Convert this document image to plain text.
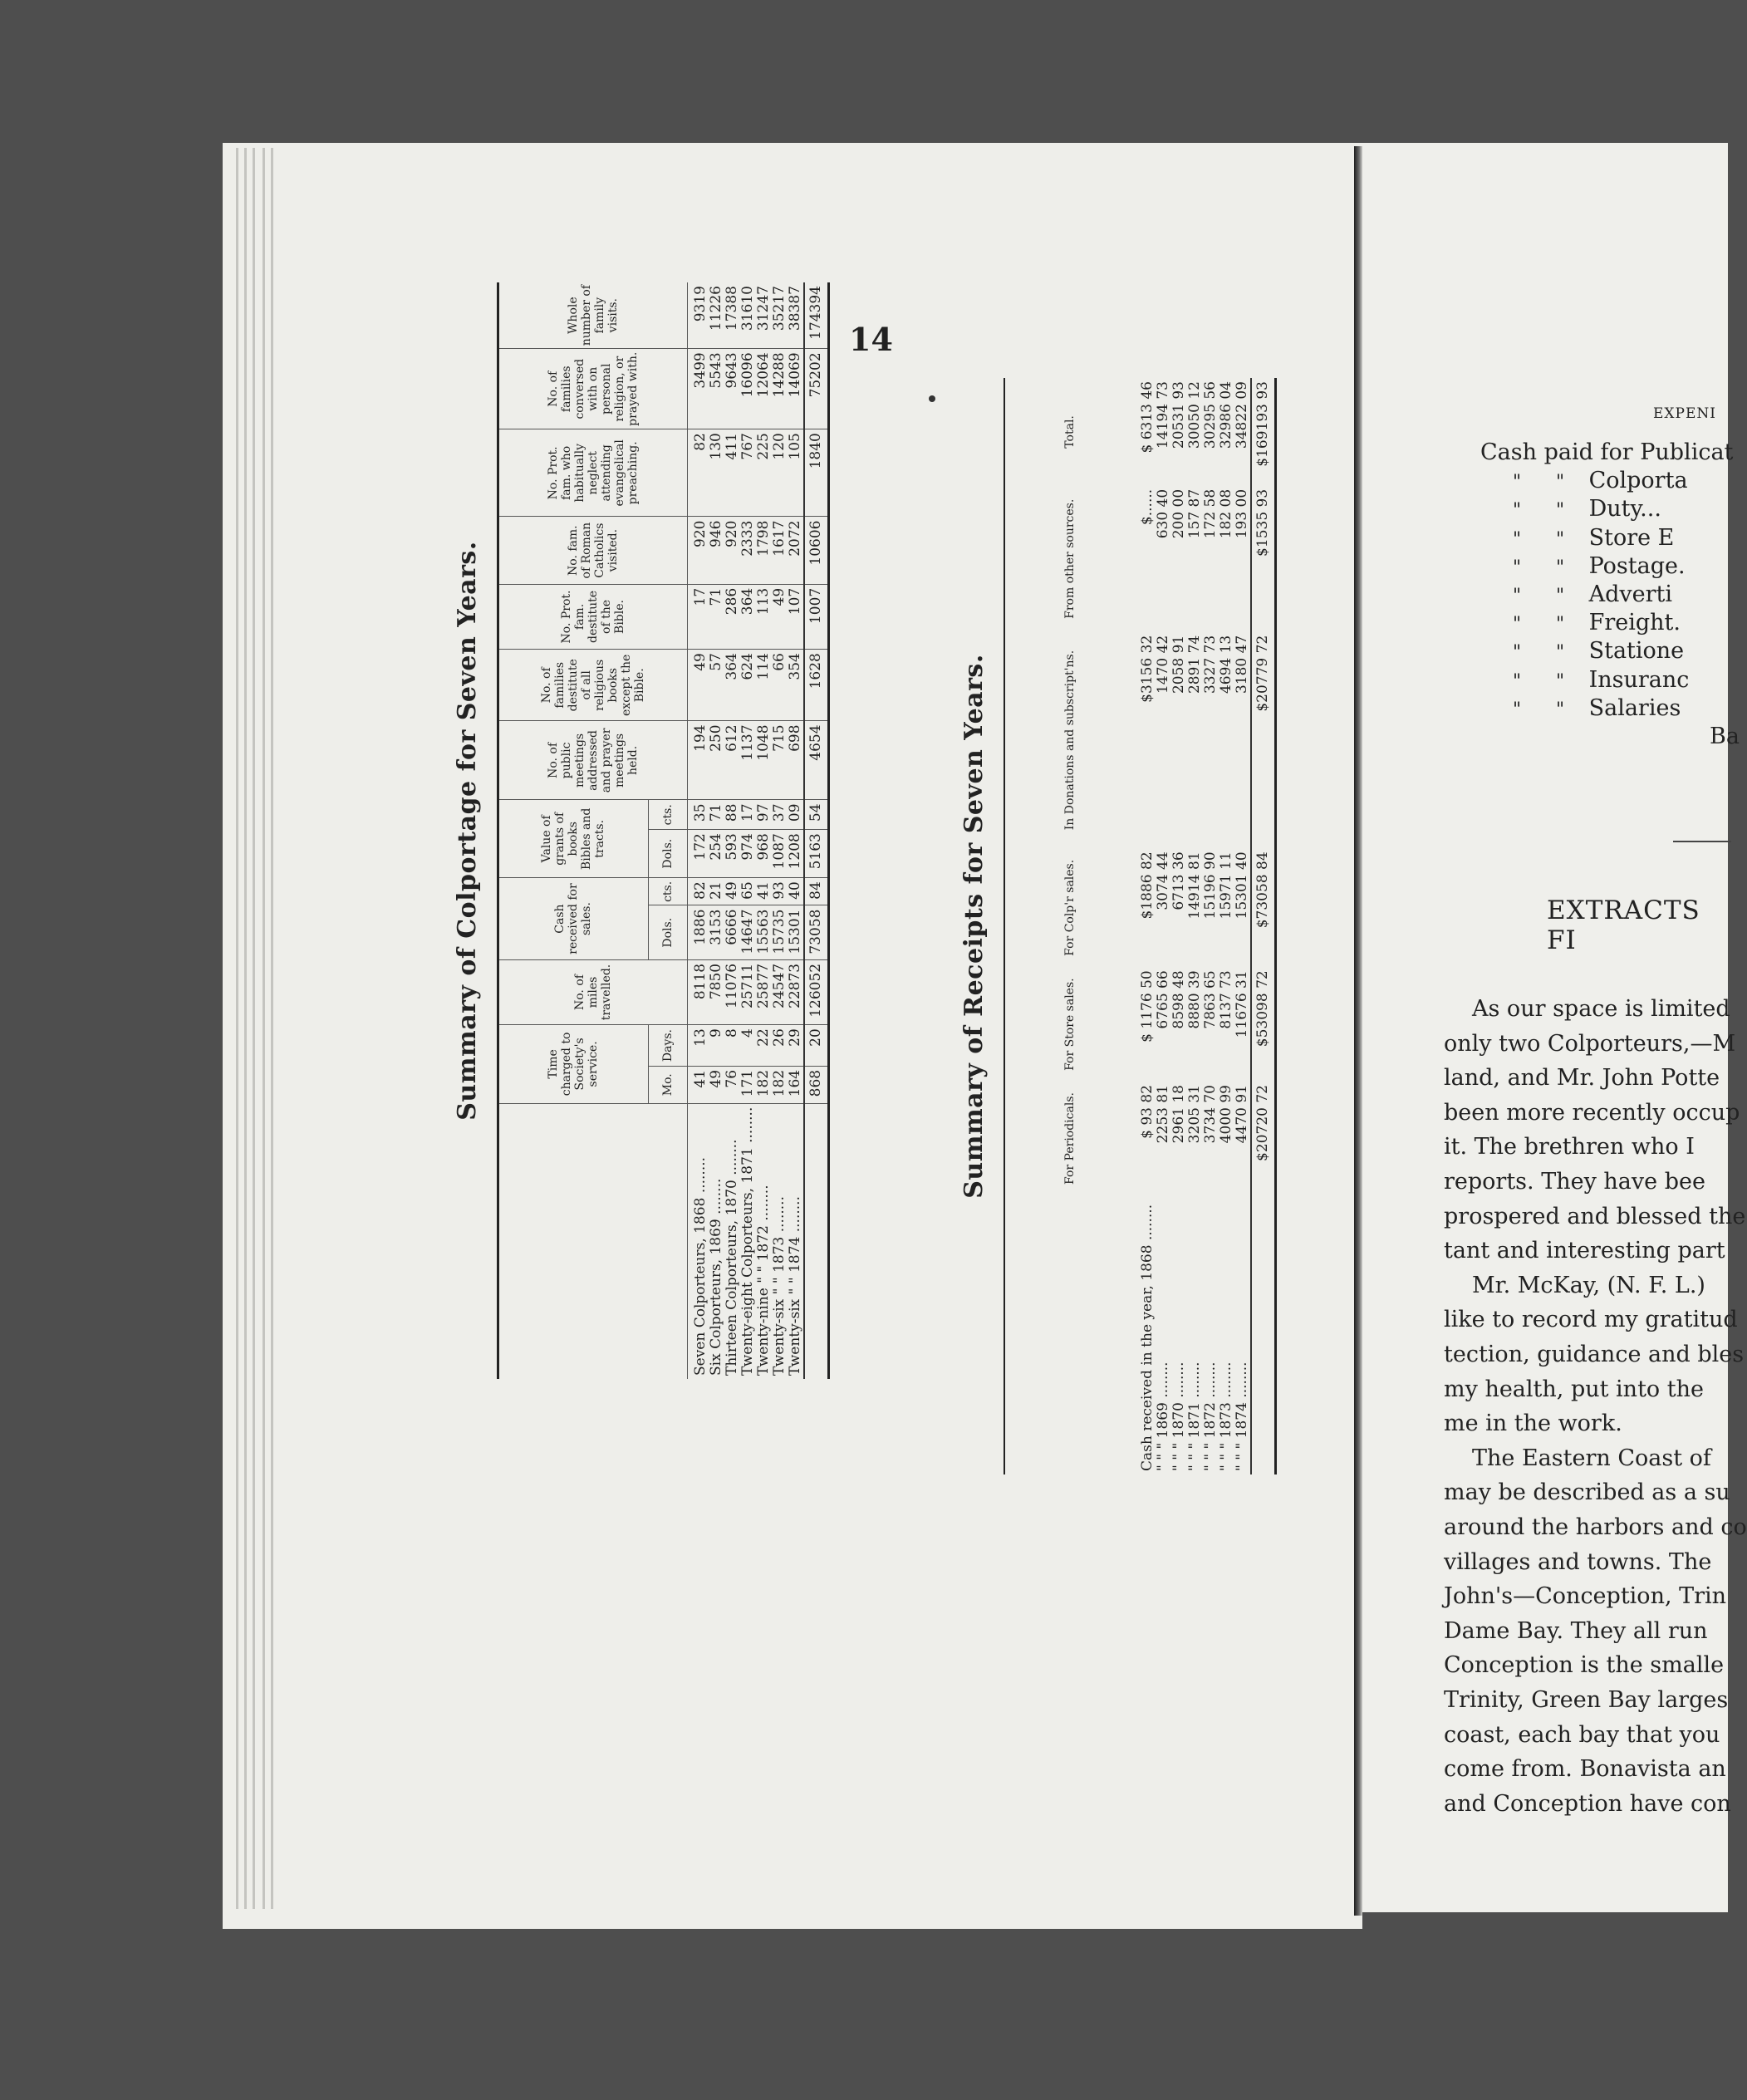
14
Summary of Colportage for Seven Years.
		Time charged to Society's service.		No. of miles travelled.	Cash received for sales.		Value of grants of books Bibles and tracts.		No. of public meetings addressed and prayer meetings held.	No. of families destitute of all religious books except the Bible.	No. Prot. fam. destitute of the Bible.	No. fam. of Roman Catholics visited.	No. Prot. fam. who habitually neglect attending evangelical preaching.	No. of families conversed with on personal religion, or prayed with.	Whole number of family visits.
	Mo.	Days.		Dols.	cts.	Dols.	cts.							
Seven Colporteurs, 1868 ........	41	13	8118	1886	82	172	35	194	49	17	920	82	3499	9319
Six Colporteurs, 1869 ........	49	9	7850	3153	21	254	71	250	57	71	946	130	5543	11226
Thirteen Colporteurs, 1870 ........	76	8	11076	6666	49	593	88	612	364	286	920	411	9643	17388
Twenty-eight Colporteurs, 1871 ........	171	4	25711	14647	65	974	17	1137	624	364	2333	767	16096	31610
Twenty-nine " " 1872 ........	182	22	25877	15563	41	968	97	1048	114	113	1798	225	12064	31247
Twenty-six " " 1873 ........	182	26	24547	15735	93	1087	37	715	66	49	1617	120	14288	35217
Twenty-six " " 1874 ........	164	29	22873	15301	40	1208	09	698	354	107	2072	105	14069	38387
	868	20	126052	73058	84	5163	54	4654	1628	1007	10606	1840	75202	174394
Summary of Receipts for Seven Years.
		For Periodicals.	For Store sales.	For Colp'r sales.	In Donations and subscript'ns.	From other sources.	Total.
Cash received in the year, 1868 ........	$ 93 82	$ 1176 50	$1886 82	$3156 32	$......	$ 6313 46
" " " 1869 ........	2253 81	6765 66	3074 44	1470 42	630 40	14194 73
" " " 1870 ........	2961 18	8598 48	6713 36	2058 91	200 00	20531 93
" " " 1871 ........	3205 31	8880 39	14914 81	2891 74	157 87	30050 12
" " " 1872 ........	3734 70	7863 65	15196 90	3327 73	172 58	30295 56
" " " 1873 ........	4000 99	8137 73	15971 11	4694 13	182 08	32986 04
" " " 1874 ........	4470 91	11676 31	15301 40	3180 47	193 00	34822 09
	$20720 72	$53098 72	$73058 84	$20779 72	$1535 93	$169193 93	EXPENI
Cash paid for Publicat
" " Colporta
" " Duty...
" " Store E
" " Postage.
" " Adverti
" " Freight.
" " Statione
" " Insuranc
" " Salaries
Ba
EXTRACTS FI
As our space is limited
only two Colporteurs,—M
land, and Mr. John Potte
been more recently occup
it. The brethren who I
reports. They have bee
prospered and blessed the
tant and interesting part
Mr. McKay, (N. F. L.)
like to record my gratitud
tection, guidance and bles
my health, put into the
me in the work.
The Eastern Coast of
may be described as a su
around the harbors and co
villages and towns. The
John's—Conception, Trin
Dame Bay. They all run
Conception is the smalle
Trinity, Green Bay larges
coast, each bay that you
come from. Bonavista an
and Conception have con
